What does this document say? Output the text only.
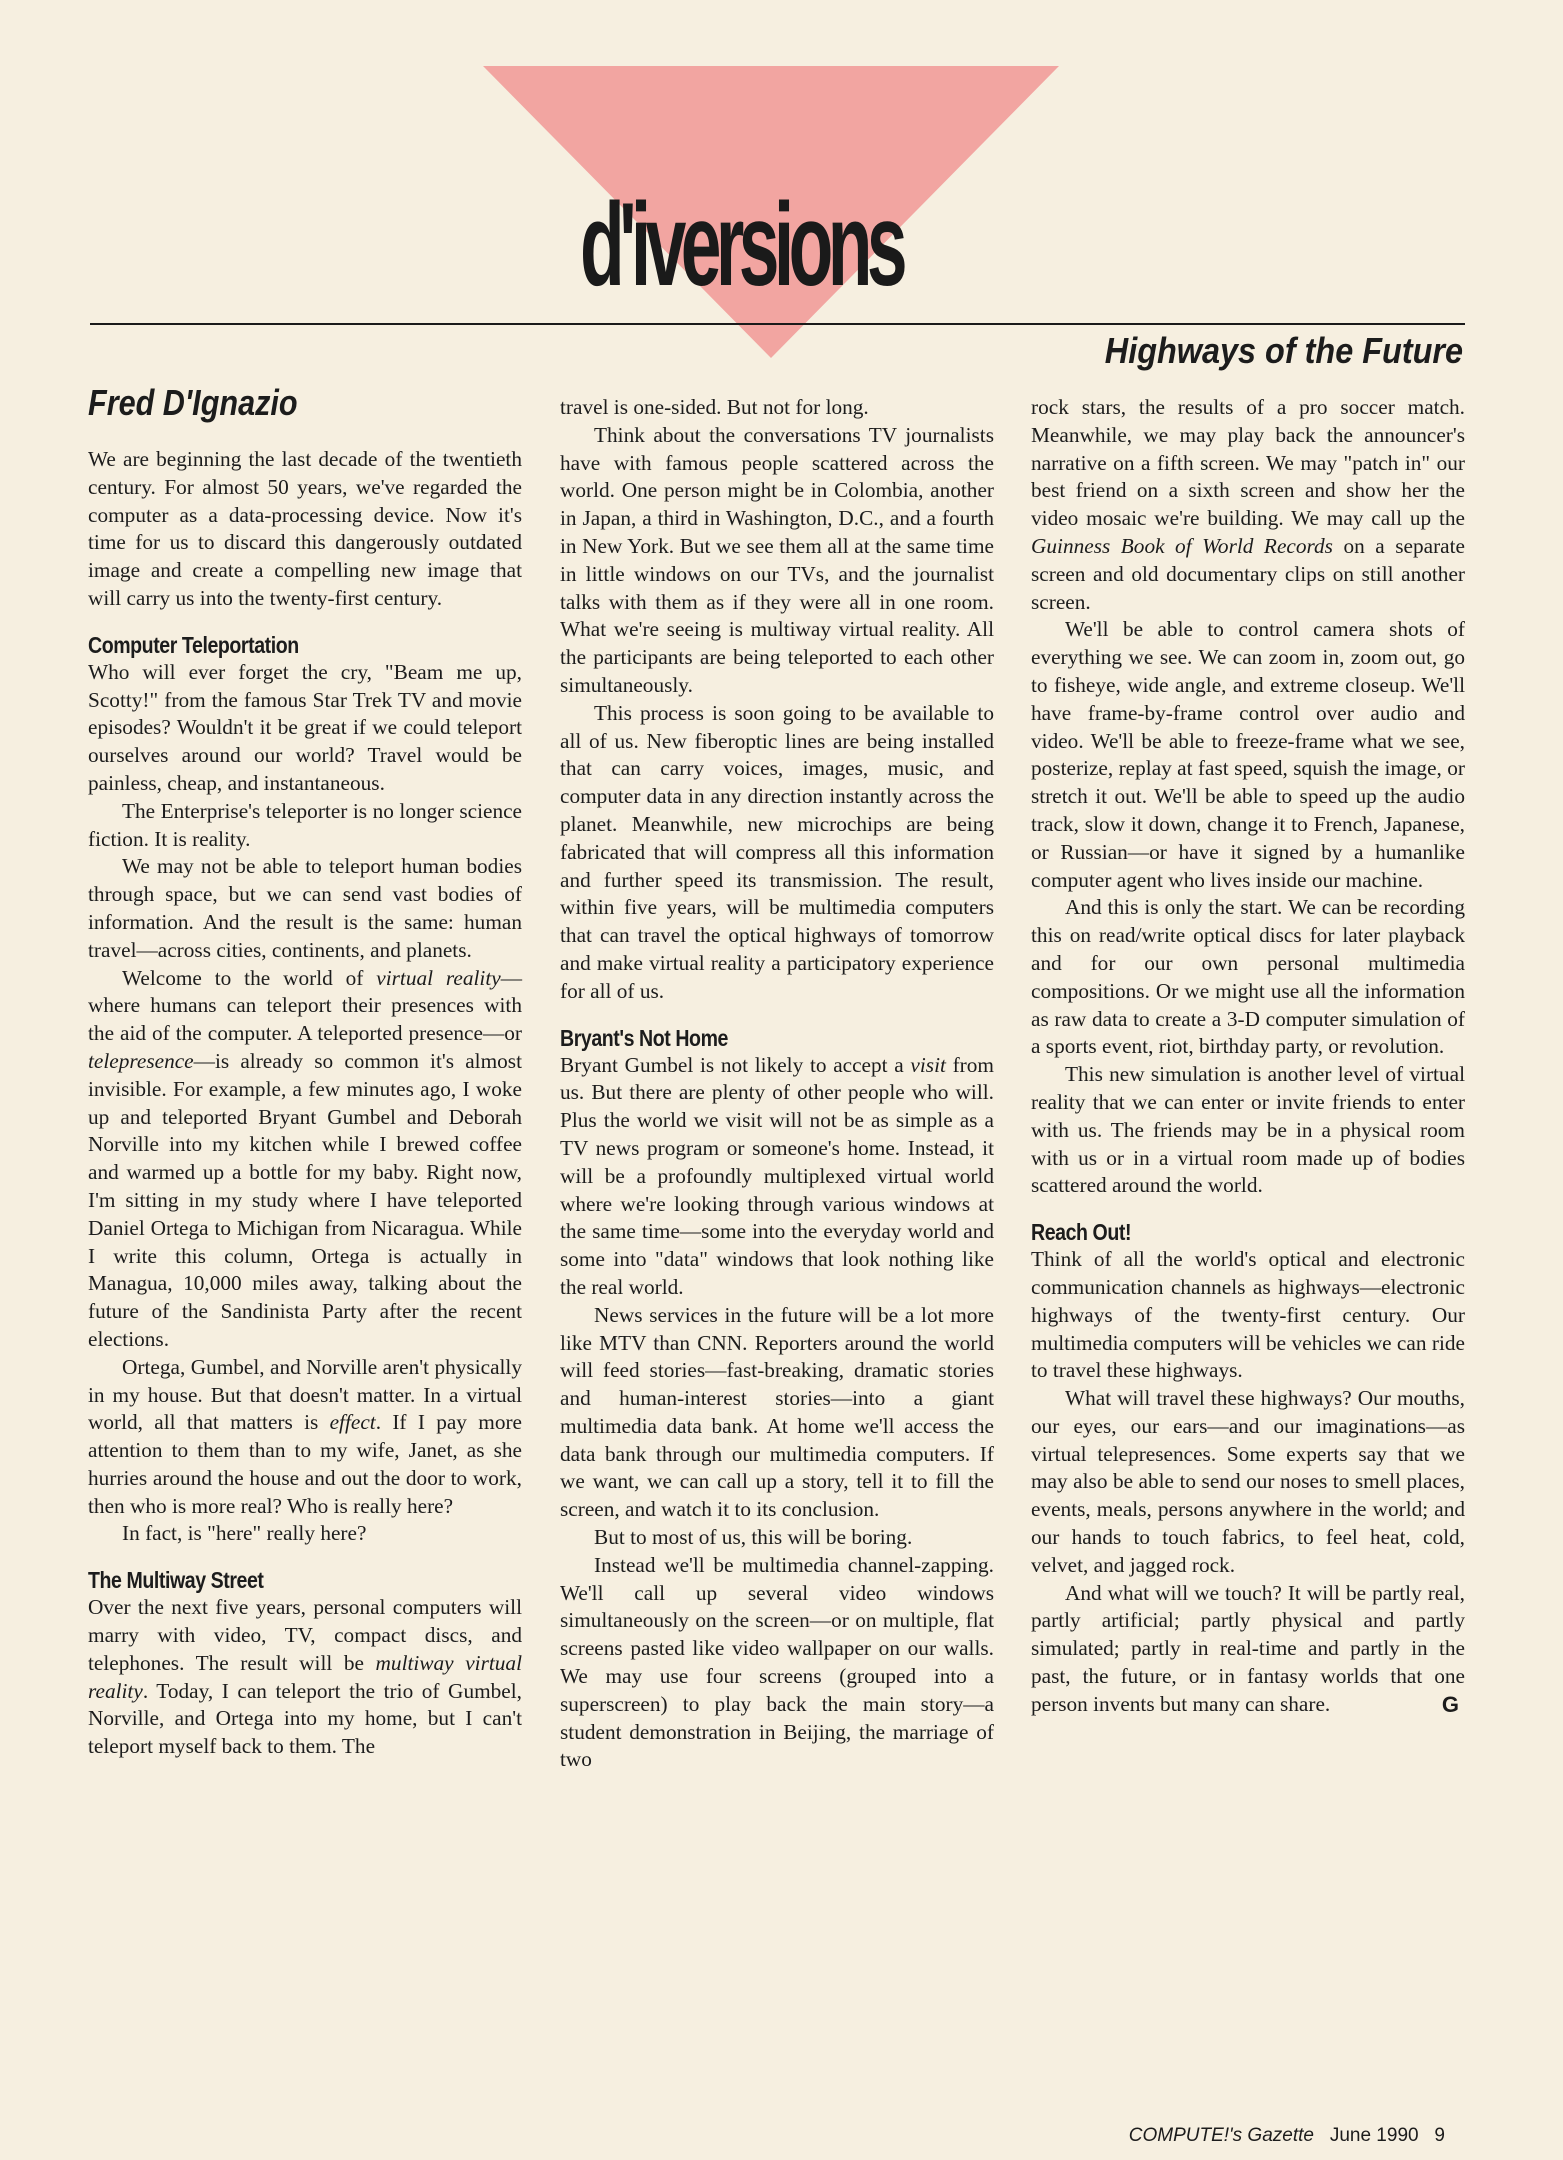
d'iversions
Highways of the Future
Fred D'Ignazio

We are beginning the last decade of the twentieth century. For almost 50 years, we've regarded the computer as a data-processing device. Now it's time for us to discard this dangerously outdated image and create a compelling new image that will carry us into the twenty-first century.

Computer Teleportation

Who will ever forget the cry, "Beam me up, Scotty!" from the famous Star Trek TV and movie episodes? Wouldn't it be great if we could teleport ourselves around our world? Travel would be painless, cheap, and instantaneous.

The Enterprise's teleporter is no longer science fiction. It is reality.

We may not be able to teleport human bodies through space, but we can send vast bodies of information. And the result is the same: human travel—across cities, continents, and planets.

Welcome to the world of virtual reality—where humans can teleport their presences with the aid of the computer. A teleported presence—or telepresence—is already so common it's almost invisible. For example, a few minutes ago, I woke up and teleported Bryant Gumbel and Deborah Norville into my kitchen while I brewed coffee and warmed up a bottle for my baby. Right now, I'm sitting in my study where I have teleported Daniel Ortega to Michigan from Nicaragua. While I write this column, Ortega is actually in Managua, 10,000 miles away, talking about the future of the Sandinista Party after the recent elections.

Ortega, Gumbel, and Norville aren't physically in my house. But that doesn't matter. In a virtual world, all that matters is effect. If I pay more attention to them than to my wife, Janet, as she hurries around the house and out the door to work, then who is more real? Who is really here?

In fact, is "here" really here?

The Multiway Street

Over the next five years, personal computers will marry with video, TV, compact discs, and telephones. The result will be multiway virtual reality. Today, I can teleport the trio of Gumbel, Norville, and Ortega into my home, but I can't teleport myself back to them. The

travel is one-sided. But not for long.

Think about the conversations TV journalists have with famous people scattered across the world. One person might be in Colombia, another in Japan, a third in Washington, D.C., and a fourth in New York. But we see them all at the same time in little windows on our TVs, and the journalist talks with them as if they were all in one room. What we're seeing is multiway virtual reality. All the participants are being teleported to each other simultaneously.

This process is soon going to be available to all of us. New fiberoptic lines are being installed that can carry voices, images, music, and computer data in any direction instantly across the planet. Meanwhile, new microchips are being fabricated that will compress all this information and further speed its transmission. The result, within five years, will be multimedia computers that can travel the optical highways of tomorrow and make virtual reality a participatory experience for all of us.

Bryant's Not Home

Bryant Gumbel is not likely to accept a visit from us. But there are plenty of other people who will. Plus the world we visit will not be as simple as a TV news program or someone's home. Instead, it will be a profoundly multiplexed virtual world where we're looking through various windows at the same time—some into the everyday world and some into "data" windows that look nothing like the real world.

News services in the future will be a lot more like MTV than CNN. Reporters around the world will feed stories—fast-breaking, dramatic stories and human-interest stories—into a giant multimedia data bank. At home we'll access the data bank through our multimedia computers. If we want, we can call up a story, tell it to fill the screen, and watch it to its conclusion.

But to most of us, this will be boring.

Instead we'll be multimedia channel-zapping. We'll call up several video windows simultaneously on the screen—or on multiple, flat screens pasted like video wallpaper on our walls. We may use four screens (grouped into a superscreen) to play back the main story—a student demonstration in Beijing, the marriage of two

rock stars, the results of a pro soccer match. Meanwhile, we may play back the announcer's narrative on a fifth screen. We may "patch in" our best friend on a sixth screen and show her the video mosaic we're building. We may call up the Guinness Book of World Records on a separate screen and old documentary clips on still another screen.

We'll be able to control camera shots of everything we see. We can zoom in, zoom out, go to fisheye, wide angle, and extreme closeup. We'll have frame-by-frame control over audio and video. We'll be able to freeze-frame what we see, posterize, replay at fast speed, squish the image, or stretch it out. We'll be able to speed up the audio track, slow it down, change it to French, Japanese, or Russian—or have it signed by a humanlike computer agent who lives inside our machine.

And this is only the start. We can be recording this on read/write optical discs for later playback and for our own personal multimedia compositions. Or we might use all the information as raw data to create a 3-D computer simulation of a sports event, riot, birthday party, or revolution.

This new simulation is another level of virtual reality that we can enter or invite friends to enter with us. The friends may be in a physical room with us or in a virtual room made up of bodies scattered around the world.

Reach Out!

Think of all the world's optical and electronic communication channels as highways—electronic highways of the twenty-first century. Our multimedia computers will be vehicles we can ride to travel these highways.

What will travel these highways? Our mouths, our eyes, our ears—and our imaginations—as virtual telepresences. Some experts say that we may also be able to send our noses to smell places, events, meals, persons anywhere in the world; and our hands to touch fabrics, to feel heat, cold, velvet, and jagged rock.

And what will we touch? It will be partly real, partly artificial; partly physical and partly simulated; partly in real-time and partly in the past, the future, or in fantasy worlds that one person invents but many can share.	G

COMPUTE!'s Gazette June 1990 9
